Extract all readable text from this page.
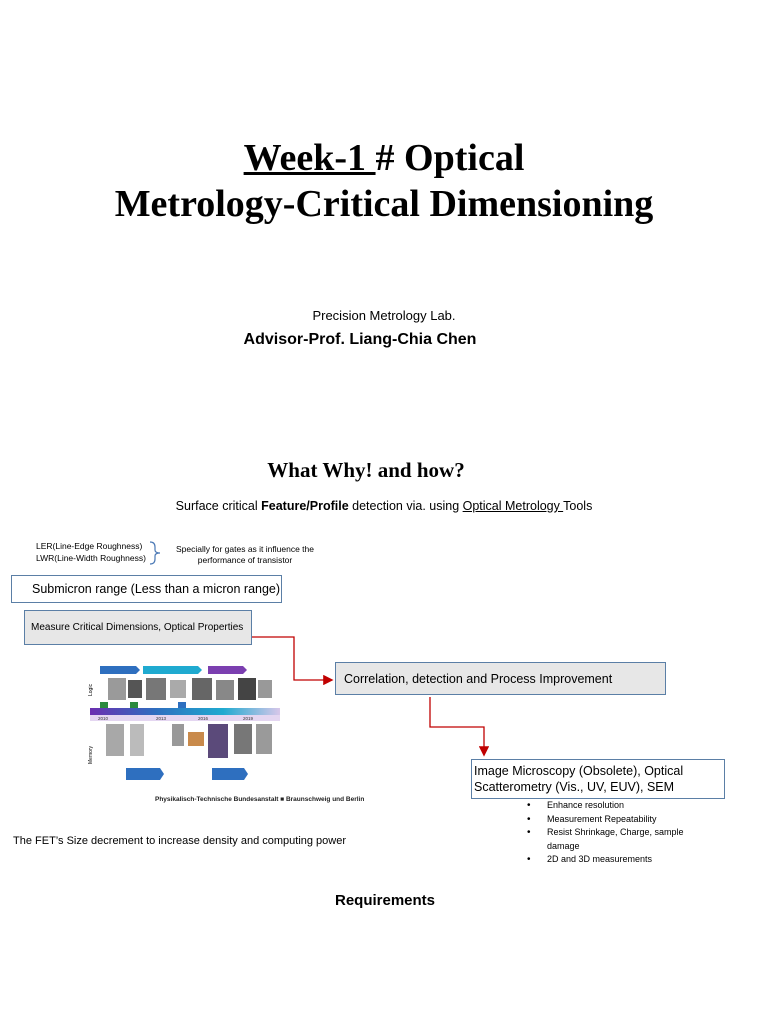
Week-1 # Optical
Metrology-Critical Dimensioning
Precision Metrology Lab.
Advisor-Prof. Liang-Chia Chen
What Why! and how?
Surface critical Feature/Profile detection via. using Optical Metrology Tools
LER(Line-Edge Roughness)
LWR(Line-Width Roughness)
Specially for gates as it influence the performance of transistor
Submicron range (Less than a micron range)
Measure Critical Dimensions, Optical Properties
Correlation, detection and Process Improvement
Image Microscopy (Obsolete), Optical Scatterometry (Vis., UV, EUV), SEM
Logic
Memory
2010	2013	2016	2019
Physikalisch-Technische Bundesanstalt ■ Braunschweig und Berlin
• Enhance resolution
• Measurement Repeatability
• Resist Shrinkage, Charge, sample damage
• 2D and 3D measurements
The FET’s Size decrement to increase density and computing power
Requirements
